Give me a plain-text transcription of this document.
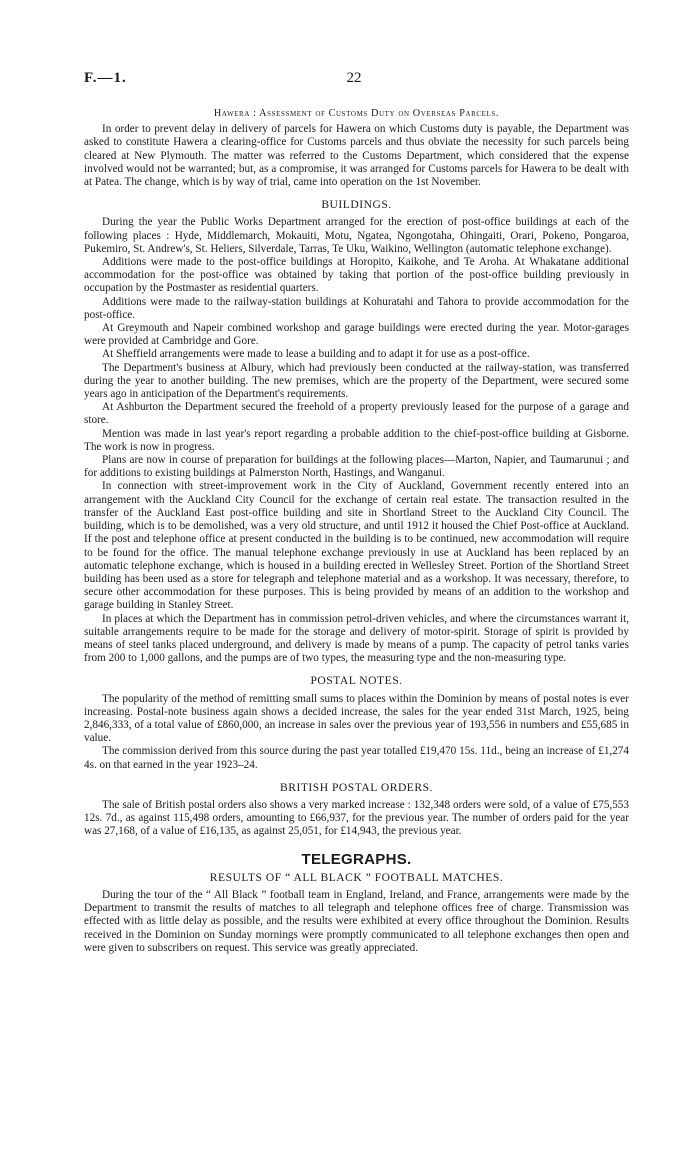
F.—1.	22
Hawera : Assessment of Customs Duty on Overseas Parcels.

In order to prevent delay in delivery of parcels for Hawera on which Customs duty is payable, the Department was asked to constitute Hawera a clearing-office for Customs parcels and thus obviate the necessity for such parcels being cleared at New Plymouth. The matter was referred to the Customs Department, which considered that the expense involved would not be warranted; but, as a compromise, it was arranged for Customs parcels for Hawera to be dealt with at Patea. The change, which is by way of trial, came into operation on the 1st November.

BUILDINGS.

During the year the Public Works Department arranged for the erection of post-office buildings at each of the following places : Hyde, Middlemarch, Mokauiti, Motu, Ngatea, Ngongotaha, Ohingaiti, Orari, Pokeno, Pongaroa, Pukemiro, St. Andrew's, St. Heliers, Silverdale, Tarras, Te Uku, Waikino, Wellington (automatic telephone exchange).

Additions were made to the post-office buildings at Horopito, Kaikohe, and Te Aroha. At Whakatane additional accommodation for the post-office was obtained by taking that portion of the post-office building previously in occupation by the Postmaster as residential quarters.

Additions were made to the railway-station buildings at Kohuratahi and Tahora to provide accommodation for the post-office.

At Greymouth and Napeir combined workshop and garage buildings were erected during the year. Motor-garages were provided at Cambridge and Gore.

At Sheffield arrangements were made to lease a building and to adapt it for use as a post-office.

The Department's business at Albury, which had previously been conducted at the railway-station, was transferred during the year to another building. The new premises, which are the property of the Department, were secured some years ago in anticipation of the Department's requirements.

At Ashburton the Department secured the freehold of a property previously leased for the purpose of a garage and store.

Mention was made in last year's report regarding a probable addition to the chief-post-office building at Gisborne. The work is now in progress.

Plans are now in course of preparation for buildings at the following places—Marton, Napier, and Taumarunui ; and for additions to existing buildings at Palmerston North, Hastings, and Wanganui.

In connection with street-improvement work in the City of Auckland, Government recently entered into an arrangement with the Auckland City Council for the exchange of certain real estate. The transaction resulted in the transfer of the Auckland East post-office building and site in Shortland Street to the Auckland City Council. The building, which is to be demolished, was a very old structure, and until 1912 it housed the Chief Post-office at Auckland. If the post and telephone office at present conducted in the building is to be continued, new accommodation will require to be found for the office. The manual telephone exchange previously in use at Auckland has been replaced by an automatic telephone exchange, which is housed in a building erected in Wellesley Street. Portion of the Shortland Street building has been used as a store for telegraph and telephone material and as a workshop. It was necessary, therefore, to secure other accommodation for these purposes. This is being provided by means of an addition to the workshop and garage building in Stanley Street.

In places at which the Department has in commission petrol-driven vehicles, and where the circumstances warrant it, suitable arrangements require to be made for the storage and delivery of motor-spirit. Storage of spirit is provided by means of steel tanks placed underground, and delivery is made by means of a pump. The capacity of petrol tanks varies from 200 to 1,000 gallons, and the pumps are of two types, the measuring type and the non-measuring type.

POSTAL NOTES.

The popularity of the method of remitting small sums to places within the Dominion by means of postal notes is ever increasing. Postal-note business again shows a decided increase, the sales for the year ended 31st March, 1925, being 2,846,333, of a total value of £860,000, an increase in sales over the previous year of 193,556 in numbers and £55,685 in value.

The commission derived from this source during the past year totalled £19,470 15s. 11d., being an increase of £1,274 4s. on that earned in the year 1923–24.

BRITISH POSTAL ORDERS.

The sale of British postal orders also shows a very marked increase : 132,348 orders were sold, of a value of £75,553 12s. 7d., as against 115,498 orders, amounting to £66,937, for the previous year. The number of orders paid for the year was 27,168, of a value of £16,135, as against 25,051, for £14,943, the previous year.

TELEGRAPHS.
RESULTS OF “ ALL BLACK ” FOOTBALL MATCHES.

During the tour of the “ All Black ” football team in England, Ireland, and France, arrangements were made by the Department to transmit the results of matches to all telegraph and telephone offices free of charge. Transmission was effected with as little delay as possible, and the results were exhibited at every office throughout the Dominion. Results received in the Dominion on Sunday mornings were promptly communicated to all telephone exchanges then open and were given to subscribers on request. This service was greatly appreciated.
